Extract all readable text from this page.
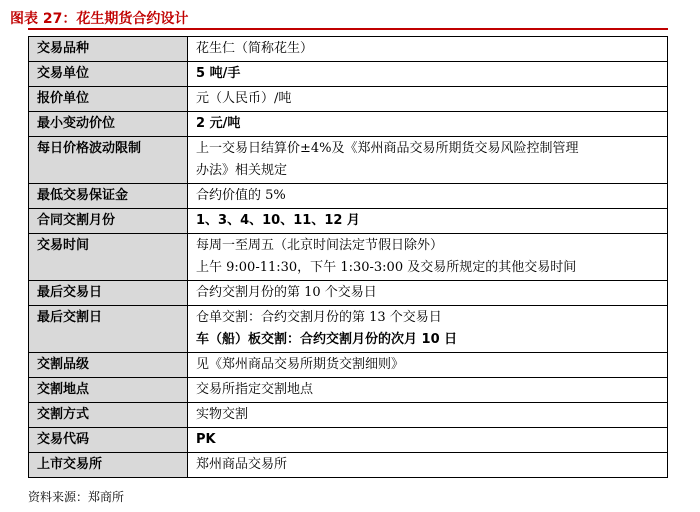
图表 27：花生期货合约设计
交易品种	花生仁（简称花生）

交易单位	5 吨/手

报价单位	元（人民币）/吨

最小变动价位	2 元/吨

每日价格波动限制	上一交易日结算价±4%及《郑州商品交易所期货交易风险控制管理
办法》相关规定

最低交易保证金	合约价值的 5%

合同交割月份	1、3、4、10、11、12 月

交易时间	每周一至周五（北京时间法定节假日除外）
上午 9:00-11:30，下午 1:30-3:00 及交易所规定的其他交易时间

最后交易日	合约交割月份的第 10 个交易日

最后交割日	仓单交割：合约交割月份的第 13 个交易日
车（船）板交割：合约交割月份的次月 10 日

交割品级	见《郑州商品交易所期货交割细则》

交割地点	交易所指定交割地点

交割方式	实物交割

交易代码	PK

上市交易所	郑州商品交易所
资料来源：郑商所
